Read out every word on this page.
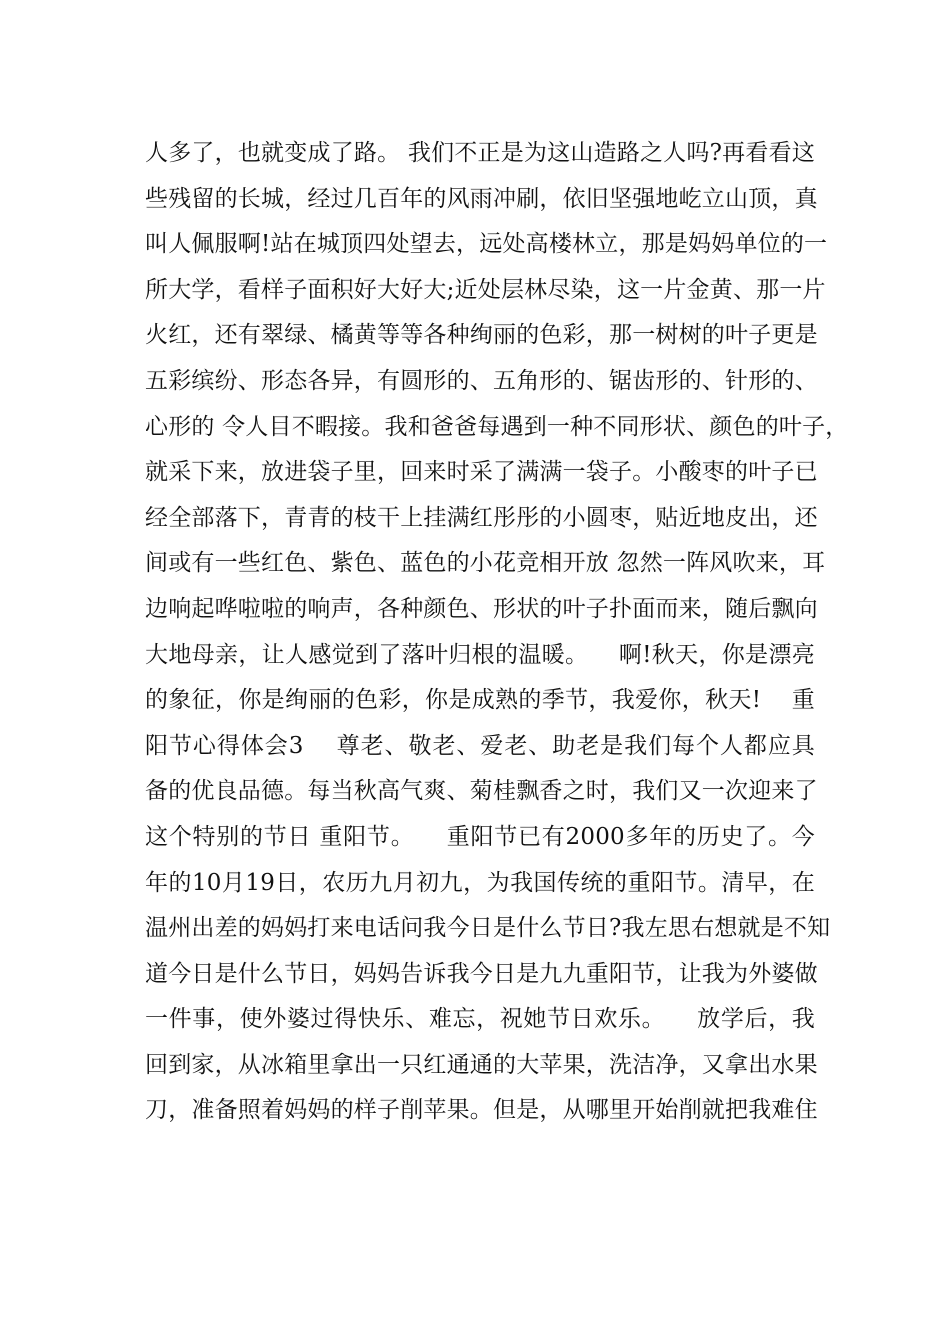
人多了，也就变成了路。 我们不正是为这山造路之人吗?再看看这
些残留的长城，经过几百年的风雨冲刷，依旧坚强地屹立山顶，真
叫人佩服啊!站在城顶四处望去，远处高楼林立，那是妈妈单位的一
所大学，看样子面积好大好大;近处层林尽染，这一片金黄、那一片
火红，还有翠绿、橘黄等等各种绚丽的色彩，那一树树的叶子更是
五彩缤纷、形态各异，有圆形的、五角形的、锯齿形的、针形的、
心形的 令人目不暇接。我和爸爸每遇到一种不同形状、颜色的叶子，
就采下来，放进袋子里，回来时采了满满一袋子。小酸枣的叶子已
经全部落下，青青的枝干上挂满红彤彤的小圆枣，贴近地皮出，还
间或有一些红色、紫色、蓝色的小花竞相开放 忽然一阵风吹来，耳
边响起哗啦啦的响声，各种颜色、形状的叶子扑面而来，随后飘向
大地母亲，让人感觉到了落叶归根的温暖。    啊!秋天，你是漂亮
的象征，你是绚丽的色彩，你是成熟的季节，我爱你，秋天!    重
阳节心得体会3    尊老、敬老、爱老、助老是我们每个人都应具
备的优良品德。每当秋高气爽、菊桂飘香之时，我们又一次迎来了
这个特别的节日 重阳节。    重阳节已有2000多年的历史了。今
年的10月19日，农历九月初九，为我国传统的重阳节。清早，在
温州出差的妈妈打来电话问我今日是什么节日?我左思右想就是不知
道今日是什么节日，妈妈告诉我今日是九九重阳节，让我为外婆做
一件事，使外婆过得快乐、难忘，祝她节日欢乐。    放学后，我
回到家，从冰箱里拿出一只红通通的大苹果，洗洁净，又拿出水果
刀，准备照着妈妈的样子削苹果。但是，从哪里开始削就把我难住
